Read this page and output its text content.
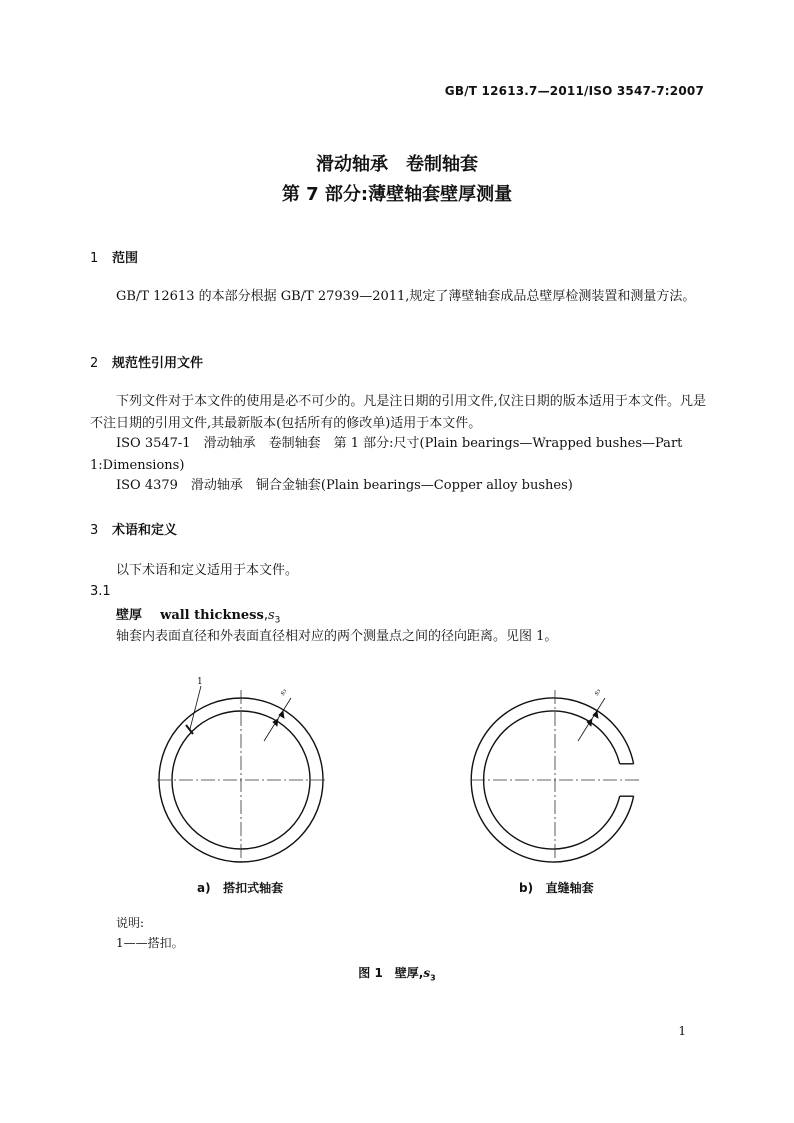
GB/T 12613.7—2011/ISO 3547-7:2007
滑动轴承　卷制轴套
第 7 部分:薄壁轴套壁厚测量
1 范围
GB/T 12613 的本部分根据 GB/T 27939—2011,规定了薄壁轴套成品总壁厚检测装置和测量方法。
2 规范性引用文件
下列文件对于本文件的使用是必不可少的。凡是注日期的引用文件,仅注日期的版本适用于本文件。凡是不注日期的引用文件,其最新版本(包括所有的修改单)适用于本文件。
ISO 3547-1　滑动轴承　卷制轴套　第 1 部分:尺寸(Plain bearings—Wrapped bushes—Part 1:Dimensions)
ISO 4379　滑动轴承　铜合金轴套(Plain bearings—Copper alloy bushes)
3 术语和定义
以下术语和定义适用于本文件。
3.1
壁厚 wall $thickness,s_3$
轴套内表面直径和外表面直径相对应的两个测量点之间的径向距离。见图 1。
1
s₃	s₃
a) 搭扣式轴套	b) 直缝轴套
说明:
1——搭扣。
图 1　壁厚$,s_3$
1
